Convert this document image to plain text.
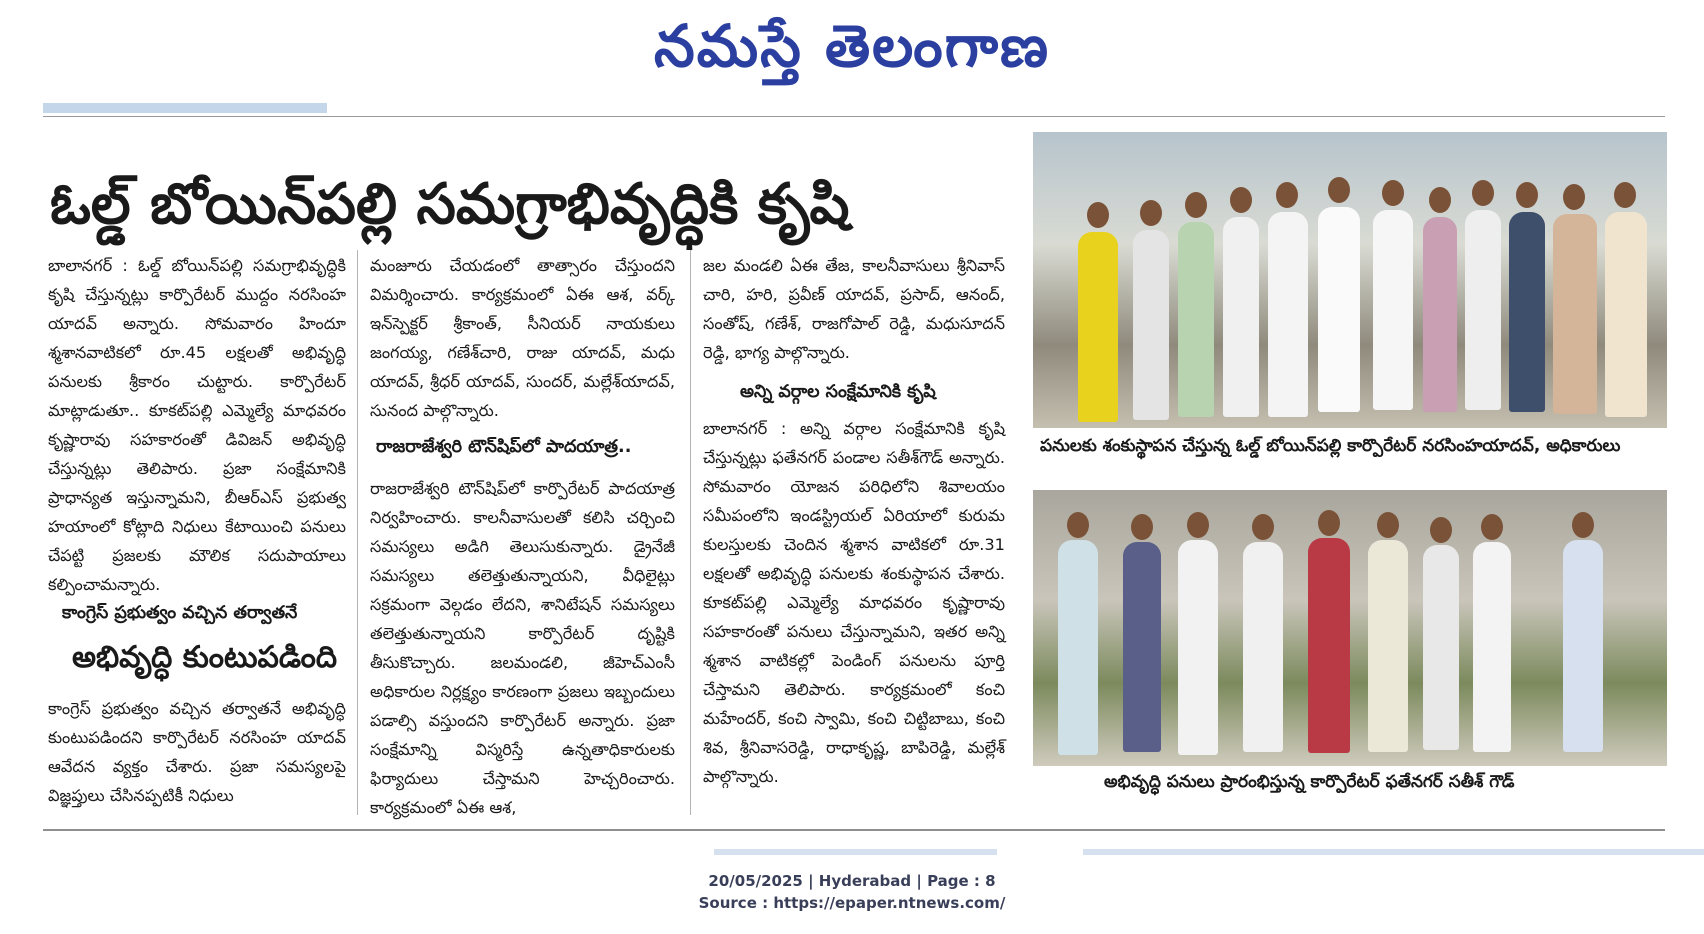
నమస్తే తెలంగాణ
ఓల్డ్ బోయిన్‌పల్లి సమగ్రాభివృద్ధికి కృషి

బాలానగర్ : ఓల్డ్ బోయిన్‌పల్లి సమగ్రాభివృద్ధికి కృషి చేస్తున్నట్లు కార్పొరేటర్ ముద్దం నరసింహ యాదవ్ అన్నారు. సోమవారం హిందూ శ్మశానవాటికలో రూ.45 లక్షలతో అభివృద్ధి పనులకు శ్రీకారం చుట్టారు. కార్పొరేటర్ మాట్లాడుతూ.. కూకట్‌పల్లి ఎమ్మెల్యే మాధవరం కృష్ణారావు సహకారంతో డివిజన్ అభివృద్ధి చేస్తున్నట్లు తెలిపారు. ప్రజా సంక్షేమానికి ప్రాధాన్యత ఇస్తున్నామని, బీఆర్ఎస్ ప్రభుత్వ హయాంలో కోట్లాది నిధులు కేటాయించి పనులు చేపట్టి ప్రజలకు మౌలిక సదుపాయాలు కల్పించామన్నారు.

కాంగ్రెస్ ప్రభుత్వం వచ్చిన తర్వాతనే
అభివృద్ధి కుంటుపడింది

కాంగ్రెస్ ప్రభుత్వం వచ్చిన తర్వాతనే అభివృద్ధి కుంటుపడిందని కార్పొరేటర్ నరసింహ యాదవ్ ఆవేదన వ్యక్తం చేశారు. ప్రజా సమస్యలపై విజ్ఞప్తులు చేసినప్పటికీ నిధులు

మంజూరు చేయడంలో తాత్సారం చేస్తుందని విమర్శించారు. కార్యక్రమంలో ఏఈ ఆశ, వర్క్ ఇన్‌స్పెక్టర్ శ్రీకాంత్, సీనియర్ నాయకులు జంగయ్య, గణేశ్‌చారి, రాజు యాదవ్, మధు యాదవ్, శ్రీధర్ యాదవ్, సుందర్, మల్లేశ్‌యాదవ్, సునంద పాల్గొన్నారు.

రాజరాజేశ్వరి టౌన్‌షిప్‌లో పాదయాత్ర..

రాజరాజేశ్వరి టౌన్‌షిప్‌లో కార్పొరేటర్ పాదయాత్ర నిర్వహించారు. కాలనీవాసులతో కలిసి చర్చించి సమస్యలు అడిగి తెలుసుకున్నారు. డ్రైనేజీ సమస్యలు తలెత్తుతున్నాయని, వీధిలైట్లు సక్రమంగా వెల్గడం లేదని, శానిటేషన్ సమస్యలు తలెత్తుతున్నాయని కార్పొరేటర్ దృష్టికి తీసుకొచ్చారు. జలమండలి, జీహెచ్ఎంసీ అధికారుల నిర్లక్ష్యం కారణంగా ప్రజలు ఇబ్బందులు పడాల్సి వస్తుందని కార్పొరేటర్ అన్నారు. ప్రజా సంక్షేమాన్ని విస్మరిస్తే ఉన్నతాధికారులకు ఫిర్యాదులు చేస్తామని హెచ్చరించారు. కార్యక్రమంలో ఏఈ ఆశ,

జల మండలి ఏఈ తేజ, కాలనీవాసులు శ్రీనివాస్ చారి, హరి, ప్రవీణ్ యాదవ్, ప్రసాద్, ఆనంద్, సంతోష్, గణేశ్, రాజగోపాల్ రెడ్డి, మధుసూదన్ రెడ్డి, భాగ్య పాల్గొన్నారు.

అన్ని వర్గాల సంక్షేమానికి కృషి

బాలానగర్ : అన్ని వర్గాల సంక్షేమానికి కృషి చేస్తున్నట్లు ఫతేనగర్ పండాల సతీశ్‌గౌడ్ అన్నారు. సోమవారం యోజన పరిధిలోని శివాలయం సమీపంలోని ఇండస్ట్రియల్ ఏరియాలో కురుమ కులస్తులకు చెందిన శ్మశాన వాటికలో రూ.31 లక్షలతో అభివృద్ధి పనులకు శంకుస్థాపన చేశారు. కూకట్‌పల్లి ఎమ్మెల్యే మాధవరం కృష్ణారావు సహకారంతో పనులు చేస్తున్నామని, ఇతర అన్ని శ్మశాన వాటికల్లో పెండింగ్ పనులను పూర్తి చేస్తామని తెలిపారు. కార్యక్రమంలో కంచి మహేందర్, కంచి స్వామి, కంచి చిట్టిబాబు, కంచి శివ, శ్రీనివాసరెడ్డి, రాధాకృష్ణ, బాపిరెడ్డి, మల్లేశ్ పాల్గొన్నారు.

పనులకు శంకుస్థాపన చేస్తున్న ఓల్డ్ బోయిన్‌పల్లి కార్పొరేటర్ నరసింహయాదవ్, అధికారులు
అభివృద్ధి పనులు ప్రారంభిస్తున్న కార్పొరేటర్ ఫతేనగర్ సతీశ్ గౌడ్
20/05/2025 | Hyderabad | Page : 8
Source : https://epaper.ntnews.com/
